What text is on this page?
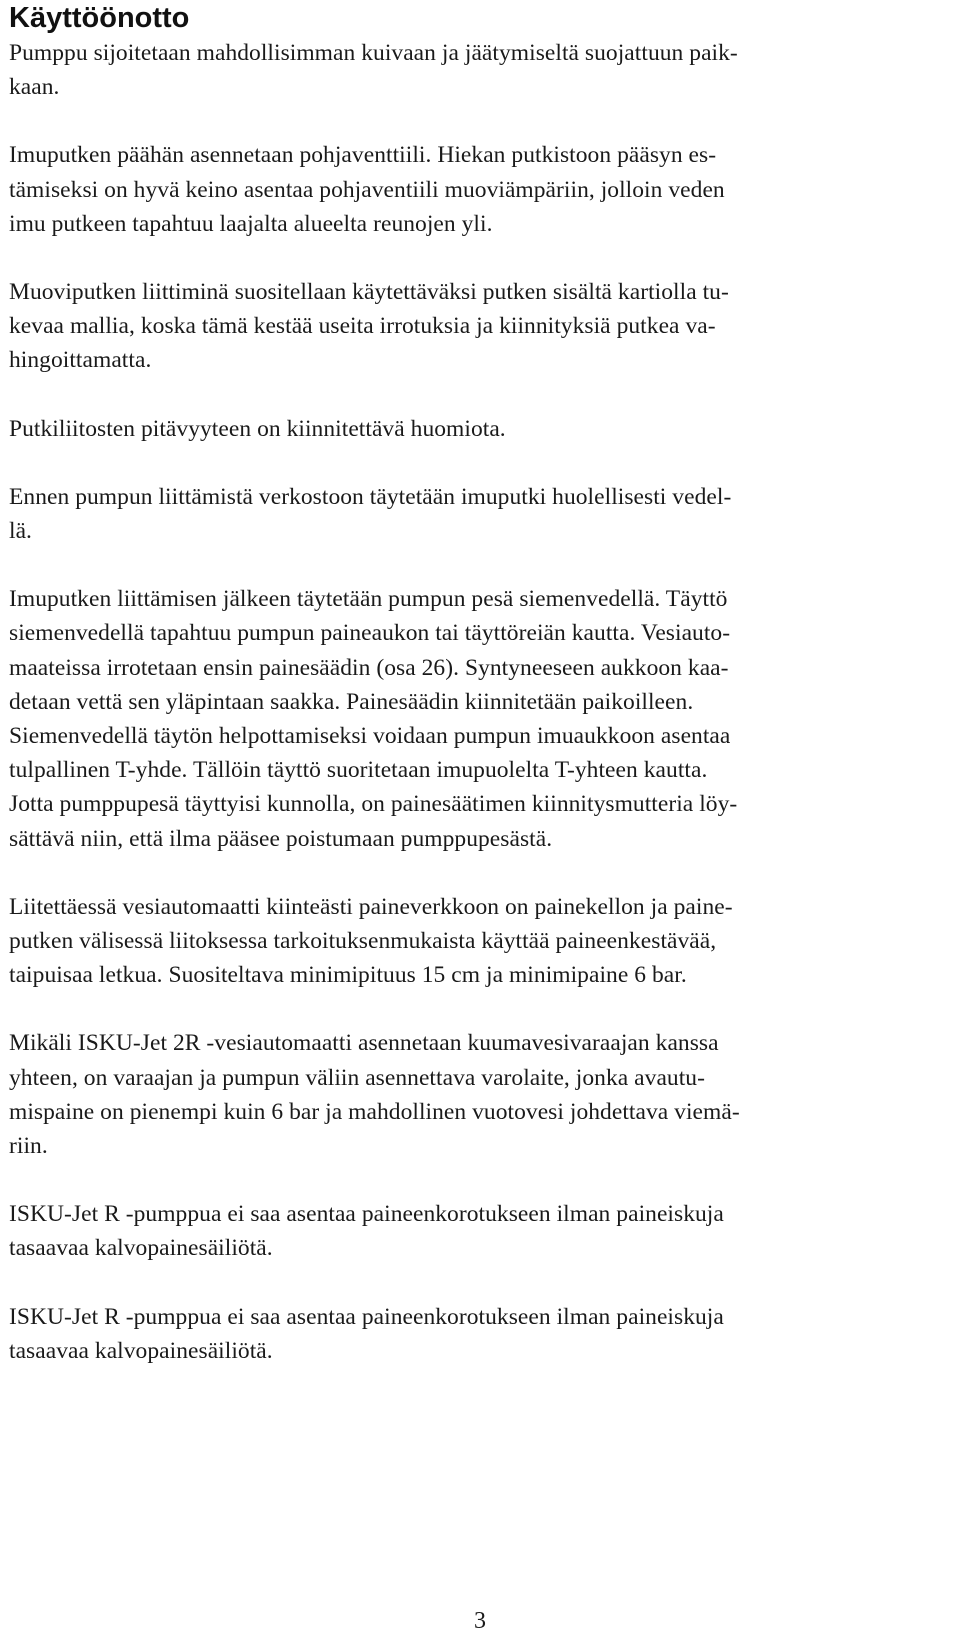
Käyttöönotto

Pumppu sijoitetaan mahdollisimman kuivaan ja jäätymiseltä suojattuun paik-
kaan.

Imuputken päähän asennetaan pohjaventtiili. Hiekan putkistoon pääsyn es-
tämiseksi on hyvä keino asentaa pohjaventiili muoviämpäriin, jolloin veden
imu putkeen tapahtuu laajalta alueelta reunojen yli.

Muoviputken liittiminä suositellaan käytettäväksi putken sisältä kartiolla tu-
kevaa mallia, koska tämä kestää useita irrotuksia ja kiinnityksiä putkea va-
hingoittamatta.

Putkiliitosten pitävyyteen on kiinnitettävä huomiota.

Ennen pumpun liittämistä verkostoon täytetään imuputki huolellisesti vedel-
lä.

Imuputken liittämisen jälkeen täytetään pumpun pesä siemenvedellä. Täyttö
siemenvedellä tapahtuu pumpun paineaukon tai täyttöreiän kautta. Vesiauto-
maateissa irrotetaan ensin painesäädin (osa 26). Syntyneeseen aukkoon kaa-
detaan vettä sen yläpintaan saakka. Painesäädin kiinnitetään paikoilleen.
Siemenvedellä täytön helpottamiseksi voidaan pumpun imuaukkoon asentaa
tulpallinen T-yhde. Tällöin täyttö suoritetaan imupuolelta T-yhteen kautta.
Jotta pumppupesä täyttyisi kunnolla, on painesäätimen kiinnitysmutteria löy-
sättävä niin, että ilma pääsee poistumaan pumppupesästä.

Liitettäessä vesiautomaatti kiinteästi paineverkkoon on painekellon ja paine-
putken välisessä liitoksessa tarkoituksenmukaista käyttää paineenkestävää,
taipuisaa letkua. Suositeltava minimipituus 15 cm ja minimipaine 6 bar.

Mikäli ISKU-Jet 2R -vesiautomaatti asennetaan kuumavesivaraajan kanssa
yhteen, on varaajan ja pumpun väliin asennettava varolaite, jonka avautu-
mispaine on pienempi kuin 6 bar ja mahdollinen vuotovesi johdettava viemä-
riin.

ISKU-Jet R -pumppua ei saa asentaa paineenkorotukseen ilman paineiskuja
tasaavaa kalvopainesäiliötä.

ISKU-Jet R -pumppua ei saa asentaa paineenkorotukseen ilman paineiskuja
tasaavaa kalvopainesäiliötä.

3
